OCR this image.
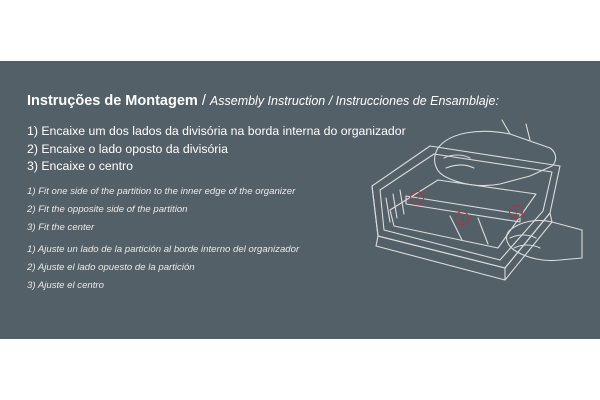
Instruções de Montagem / Assembly Instruction / Instrucciones de Ensamblaje:
1) Encaixe um dos lados da divisória na borda interna do organizador
2) Encaixe o lado oposto da divisória
3) Encaixe o centro
1) Fit one side of the partition to the inner edge of the organizer
2) Fit the opposite side of the partition
3) Fit the center
1) Ajuste un lado de la partición al borde interno del organizador
2) Ajuste el lado opuesto de la partición
3) Ajuste el centro
2
3
1
